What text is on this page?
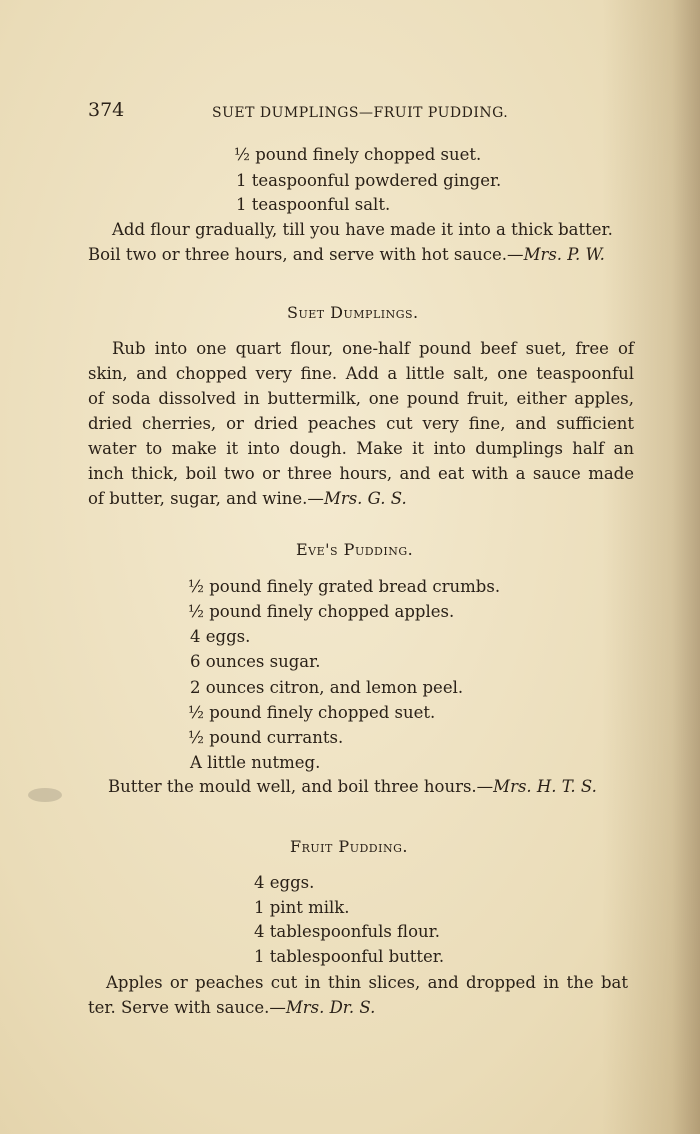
374	SUET DUMPLINGS—FRUIT PUDDING.
½ pound finely chopped suet.
1 teaspoonful powdered ginger.
1 teaspoonful salt.
Add flour gradually, till you have made it into a thick batter.
Boil two or three hours, and serve with hot sauce.—Mrs. P. W.
Suet Dumplings.
Rub into one quart flour, one-half pound beef suet, free of
skin, and chopped very fine. Add a little salt, one teaspoonful
of soda dissolved in buttermilk, one pound fruit, either apples,
dried cherries, or dried peaches cut very fine, and sufficient
water to make it into dough. Make it into dumplings half an
inch thick, boil two or three hours, and eat with a sauce made
of butter, sugar, and wine.—Mrs. G. S.
Eve's Pudding.
½ pound finely grated bread crumbs.
½ pound finely chopped apples.
4 eggs.
6 ounces sugar.
2 ounces citron, and lemon peel.
½ pound finely chopped suet.
½ pound currants.
A little nutmeg.
Butter the mould well, and boil three hours.—Mrs. H. T. S.
Fruit Pudding.
4 eggs.
1 pint milk.
4 tablespoonfuls flour.
1 tablespoonful butter.
Apples or peaches cut in thin slices, and dropped in the bat
ter. Serve with sauce.—Mrs. Dr. S.
